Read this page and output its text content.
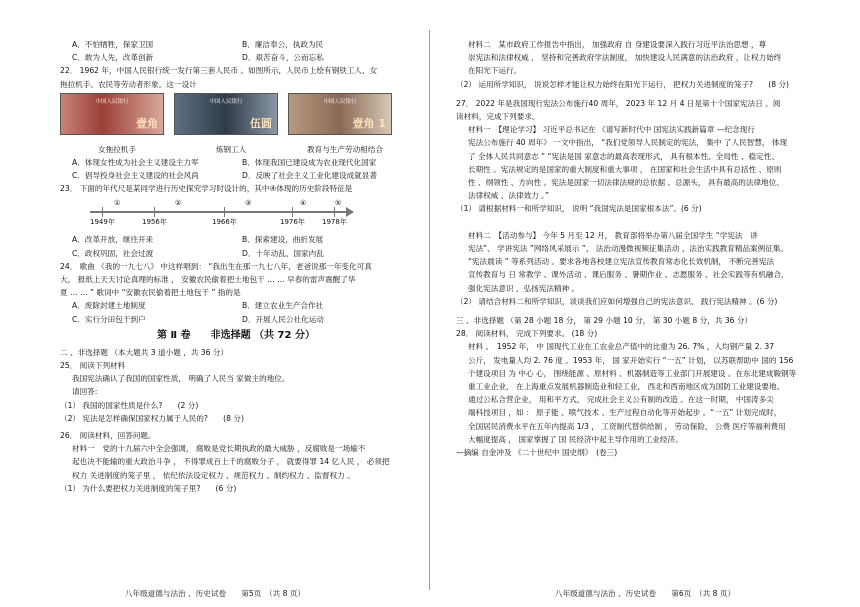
A．不怕牺牲，保家卫国	B．廉洁奉公，执政为民
C．敢为人先，改革创新	D．艰苦奋斗，公而忘私
22． 1962 年，中国人民银行统一发行第三套人民币 。如图所示，人民币上绘有钢铁工人、女
拖拉机手、农民等劳动者形象。这一设计
中国人民银行
壹角
中国人民银行
伍圆
中国人民银行
壹角 1
女拖拉机手	炼钢工人	教育与生产劳动相结合
A．体现女性成为社会主义建设主力军	B．体现我国已建设成为农业现代化国家
C．倡导投身社会主义建设的社会风尚	D．反映了社会主义工业化建设成就显著
23． 下面的年代尺是某同学进行历史探究学习时设计的，其中④体现的历史阶段特征是
1949年	1956年	1966年	1976年 1978年
①	②	③	④	⑤
A．改革开放，继往开来	B．探索建设，曲折发展
C．政权巩固，社会过渡	D．十年动乱，国家内乱
24． 歌曲 《我的一九七八》 中这样唱到： “我出生在那一九七八年，老爸说那一年变化可真
大， 报纸上天天讨论真理的标准 ， 安徽农民偷着把土地包干 … … 早春的雷声震醒了华
夏 … … ” 歌词中 “安徽农民偷着把土地包干 ” 指的是
A．废除封建土地制度	B．建立农业生产合作社
C．实行分田包干到户	D．开展人民公社化运动
第 Ⅱ 卷　　非选择题 （共 72 分）
二 、非选择题 （本大题共 3 道小题 ，共 36 分）
25． 阅读下列材料
我国宪法确认了我国的国家性质， 明确了人民当 家做主的地位。
请回答:
（1） 我国的国家性质是什么?　　(2 分)
（2） 宪法是怎样确保国家权力属于人民的?　　(8 分)
26． 阅读材料，回答问题。
材料一　党的十九届六中全会强调， 腐败是党长期执政的最大威胁 ，反腐败是一场输不
起也决不能输的重大政治斗争 ， 不得罪成百上千的腐败分子 ， 就要得罪 14 亿人民 ， 必须把
权力 关进制度的笼子里 ， 依纪依法设定权力 、规范权力 、制约权力 、监督权力 。
（1） 为什么要把权力关进制度的笼子里?　　(6 分)
八年级道德与法治 、历史试卷　　第5页　（共 8 页）
材料二　某市政府工作报告中指出， 加强政府 自 身建设要深入践行习近平法治思想 ，尊
崇宪法和法律权威 ， 坚持和完善政府学法制度， 加快建设人民满意的法治政府 ，让权力始终
在阳光下运行。
（2） 运用所学知识， 说说怎样才能让权力始终在阳光下运行， 把权力关进制度的笼子?　　(8 分)
27． 2022 年是我国现行宪法公布施行40 周年， 2023 年 12 月 4 日是第十个国家宪法日 。阅
读材料，完成下列要求。
材料一　【理论学习】 习近平总书记在 《谱写新时代中 国宪法实践新篇章 —纪念现行
宪法公布施行 40 周年》 一文中指出， “我们党领导人民制定的宪法， 集中 了人民智慧， 体现
了 全体人民共同意志 ” “宪法是国 家意志的最高表现形式， 具有根本性、全局性 、稳定性、
长期性 。宪法规定的是国家的重大制度和重大事项 ， 在国家和社会生活中具有总括性 、原则
性 、纲领性 、方向性 。宪法是国家一切法律法规的总依据 、总源头， 具有最高的法律地位、
法律权威 、法律效力 。”
（1） 请根据材料一和所学知识， 说明 “我国宪法是国家根本法”。(6 分)

材料二　【活动参与】 今年 5 月至 12 月， 教育部将举办第八届全国学生 “学宪法　讲
宪法”、 学讲宪法 ”网络风采展示 ”、 法治动漫微视频征集活动 、法治实践教育精品案例征集、
“宪法晨读 ” 等系列活动 。要求各地各校建立宪法宣传教育常态化长效机制， 不断完善宪法
宣传教育与 日 常教学 、课外活动 、课后服务 、暑期作业 、志愿服务 、社会实践等有机融合，
强化宪法意识 ，弘扬宪法精神 。
（2） 请结合材料二和所学知识，谈谈我们应如何增强自己的宪法意识、 践行宪法精神 。(6 分)
三 、非选择题 （第 28 小题 18 分， 第 29 小题 10 分， 第 30 小题 8 分，共 36 分）
28． 阅读材料， 完成下列要求。 (18 分)
材料 。　1952 年， 中 国现代工业在工农业总产值中的比重为 26. 7% ，人均钢产量 2. 37
公斤， 发电量人均 2. 76 度 。1953 年， 国 家开始实行 “一五” 计划， 以苏联帮助中 国的 156
个建设项目 为 中心 心， 围绕能源 、原材料 、机器制造等工业部门开展建设 。在东北建成鞍钢等
重工业企业， 在上海重点发展机器制造业和轻工业， 西北和西南地区成为国防工业建设要地。
通过公私合营企业， 用和平方式， 完成社会主义公有制的改造 。在这一时期， 中国涛多尖
端科技项目 ，如 ： 原子能 、喷气技术 、生产过程自动化等开始起步 。“一五” 计划完成时，
全国居民消费水平在五年内提高 1/3 ， 工资制代替供给制 ， 劳动保险， 公费 医疗等福利费用
大幅度提高 ， 国家掌握了 国 民经济中起主导作用的工业经济。
—摘编 自金冲及 《二十世纪中 国史纲》　(卷三)
八年级道德与法治 、历史试卷　　第6页　（共 8 页）
